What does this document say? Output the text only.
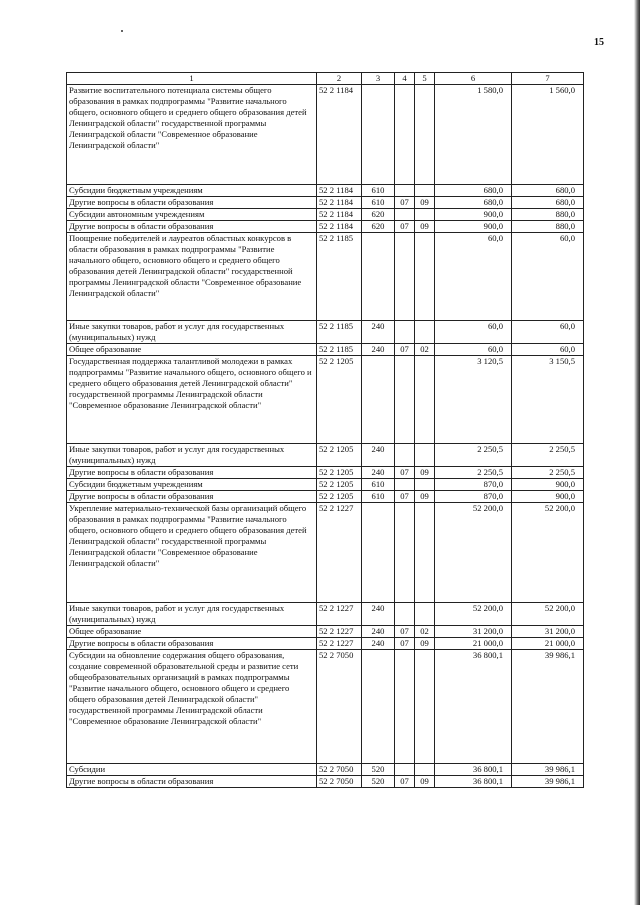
15
1	2	3	4	5	6	7
Развитие воспитательного потенциала системы общего образования в рамках подпрограммы "Развитие начального общего, основного общего и среднего общего образования детей Ленинградской области" государственной программы Ленинградской области "Современное образование Ленинградской области"	52 2 1184				1 580,0	1 560,0
Субсидии бюджетным учреждениям	52 2 1184	610			680,0	680,0
Другие вопросы в области образования	52 2 1184	610	07	09	680,0	680,0
Субсидии автономным учреждениям	52 2 1184	620			900,0	880,0
Другие вопросы в области образования	52 2 1184	620	07	09	900,0	880,0
Поощрение победителей и лауреатов областных конкурсов в области образования в рамках подпрограммы "Развитие начального общего, основного общего и среднего общего образования детей Ленинградской области" государственной программы Ленинградской области "Современное образование Ленинградской области"	52 2 1185				60,0	60,0
Иные закупки товаров, работ и услуг для государственных (муниципальных) нужд	52 2 1185	240			60,0	60,0
Общее образование	52 2 1185	240	07	02	60,0	60,0
Государственная поддержка талантливой молодежи в рамках подпрограммы "Развитие начального общего, основного общего и среднего общего образования детей Ленинградской области" государственной программы Ленинградской области "Современное образование Ленинградской области"	52 2 1205				3 120,5	3 150,5
Иные закупки товаров, работ и услуг для государственных (муниципальных) нужд	52 2 1205	240			2 250,5	2 250,5
Другие вопросы в области образования	52 2 1205	240	07	09	2 250,5	2 250,5
Субсидии бюджетным учреждениям	52 2 1205	610			870,0	900,0
Другие вопросы в области образования	52 2 1205	610	07	09	870,0	900,0
Укрепление материально-технической базы организаций общего образования в рамках подпрограммы "Развитие начального общего, основного общего и среднего общего образования детей Ленинградской области" государственной программы Ленинградской области "Современное образование Ленинградской области"	52 2 1227				52 200,0	52 200,0
Иные закупки товаров, работ и услуг для государственных (муниципальных) нужд	52 2 1227	240			52 200,0	52 200,0
Общее образование	52 2 1227	240	07	02	31 200,0	31 200,0
Другие вопросы в области образования	52 2 1227	240	07	09	21 000,0	21 000,0
Субсидии на обновление содержания общего образования, создание современной образовательной среды и развитие сети общеобразовательных организаций в рамках подпрограммы "Развитие начального общего, основного общего и среднего общего образования детей Ленинградской области" государственной программы Ленинградской области "Современное образование Ленинградской области"	52 2 7050				36 800,1	39 986,1
Субсидии	52 2 7050	520			36 800,1	39 986,1
Другие вопросы в области образования	52 2 7050	520	07	09	36 800,1	39 986,1
